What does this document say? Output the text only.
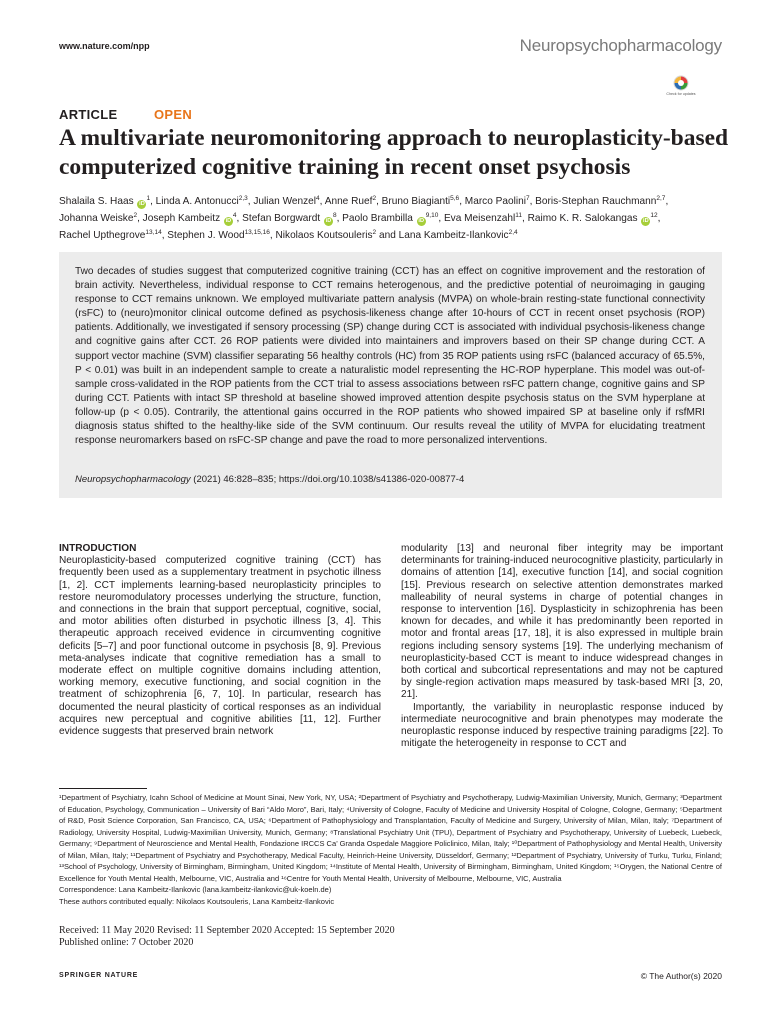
www.nature.com/npp	Neuropsychopharmacology
Check for updates
ARTICLE	OPEN
A multivariate neuromonitoring approach to neuroplasticity-based computerized cognitive training in recent onset psychosis
Shalaila S. Haas $iD^1$, Linda A. Antonucci$^{2,3}$, Julian Wenzel$^4$, Anne Ruef$^2$, Bruno Biagianti$^{5,6}$, Marco Paolini$^7$, Boris-Stephan Rauchmann$^{2,7}$,
Johanna Weiske$^2$, Joseph Kambeitz $iD^4$, Stefan Borgwardt $iD^8$, Paolo Brambilla iD$^{9,10}$, Eva Meisenzahl$^{11}$, Raimo K. R. Salokangas $iD^{12}$,
Rachel Upthegrove$^{13,14}$, Stephen J. Wood$^{13,15,16}$, Nikolaos Koutsouleris$^2$ and Lana Kambeitz-Ilankovic$^{2,4}$

Two decades of studies suggest that computerized cognitive training (CCT) has an effect on cognitive improvement and the restoration of brain activity. Nevertheless, individual response to CCT remains heterogenous, and the predictive potential of neuroimaging in gauging response to CCT remains unknown. We employed multivariate pattern analysis (MVPA) on whole-brain resting-state functional connectivity (rsFC) to (neuro)monitor clinical outcome defined as psychosis-likeness change after 10-hours of CCT in recent onset psychosis (ROP) patients. Additionally, we investigated if sensory processing (SP) change during CCT is associated with individual psychosis-likeness change and cognitive gains after CCT. 26 ROP patients were divided into maintainers and improvers based on their SP change during CCT. A support vector machine (SVM) classifier separating 56 healthy controls (HC) from 35 ROP patients using rsFC (balanced accuracy of 65.5%, P < 0.01) was built in an independent sample to create a naturalistic model representing the HC-ROP hyperplane. This model was out-of-sample cross-validated in the ROP patients from the CCT trial to assess associations between rsFC pattern change, cognitive gains and SP during CCT. Patients with intact SP threshold at baseline showed improved attention despite psychosis status on the SVM hyperplane at follow-up (p < 0.05). Contrarily, the attentional gains occurred in the ROP patients who showed impaired SP at baseline only if rsfMRI diagnosis status shifted to the healthy-like side of the SVM continuum. Our results reveal the utility of MVPA for elucidating treatment response neuromarkers based on rsFC-SP change and pave the road to more personalized interventions.

Neuropsychopharmacology (2021) 46:828–835; https://doi.org/10.1038/s41386-020-00877-4

INTRODUCTION

Neuroplasticity-based computerized cognitive training (CCT) has frequently been used as a supplementary treatment in psychotic illness [1, 2]. CCT implements learning-based neuroplasticity principles to restore neuromodulatory processes underlying the structure, function, and connections in the brain that support perceptual, cognitive, social, and motor abilities often disturbed in psychotic illness [3, 4]. This therapeutic approach received evidence in circumventing cognitive deficits [5–7] and poor functional outcome in psychosis [8, 9]. Previous meta-analyses indicate that cognitive remediation has a small to moderate effect on multiple cognitive domains including attention, working memory, executive functioning, and social cognition in the treatment of schizophrenia [6, 7, 10]. In particular, research has documented the neural plasticity of cortical responses as an individual acquires new perceptual and cognitive abilities [11, 12]. Further evidence suggests that preserved brain network

modularity [13] and neuronal fiber integrity may be important determinants for training-induced neurocognitive plasticity, particularly in domains of attention [14], executive function [14], and social cognition [15]. Previous research on selective attention demonstrates marked malleability of neural systems in charge of potential changes in response to intervention [16]. Dysplasticity in schizophrenia has been known for decades, and while it has predominantly been reported in motor and frontal areas [17, 18], it is also expressed in multiple brain regions including sensory systems [19]. The underlying mechanism of neuroplasticity-based CCT is meant to induce widespread changes in both cortical and subcortical representations and may not be captured by single-region activation maps measured by task-based MRI [3, 20, 21].

Importantly, the variability in neuroplastic response induced by intermediate neurocognitive and brain phenotypes may moderate the neuroplastic response induced by respective training paradigms [22]. To mitigate the heterogeneity in response to CCT and

¹Department of Psychiatry, Icahn School of Medicine at Mount Sinai, New York, NY, USA; ²Department of Psychiatry and Psychotherapy, Ludwig-Maximilian University, Munich, Germany; ³Department of Education, Psychology, Communication – University of Bari “Aldo Moro”, Bari, Italy; ⁴University of Cologne, Faculty of Medicine and University Hospital of Cologne, Cologne, Germany; ⁵Department of R&D, Posit Science Corporation, San Francisco, CA, USA; ⁶Department of Pathophysiology and Transplantation, Faculty of Medicine and Surgery, University of Milan, Milan, Italy; ⁷Department of Radiology, University Hospital, Ludwig-Maximilian University, Munich, Germany; ⁸Translational Psychiatry Unit (TPU), Department of Psychiatry and Psychotherapy, University of Luebeck, Luebeck, Germany; ⁹Department of Neuroscience and Mental Health, Fondazione IRCCS Ca’ Granda Ospedale Maggiore Policlinico, Milan, Italy; ¹⁰Department of Pathophysiology and Mental Health, University of Milan, Milan, Italy; ¹¹Department of Psychiatry and Psychotherapy, Medical Faculty, Heinrich-Heine University, Düsseldorf, Germany; ¹²Department of Psychiatry, University of Turku, Turku, Finland; ¹³School of Psychology, University of Birmingham, Birmingham, United Kingdom; ¹⁴Institute of Mental Health, University of Birmingham, Birmingham, United Kingdom; ¹⁵Orygen, the National Centre of Excellence for Youth Mental Health, Melbourne, VIC, Australia and ¹⁶Centre for Youth Mental Health, University of Melbourne, Melbourne, VIC, Australia
Correspondence: Lana Kambeitz-Ilankovic (lana.kambeitz-ilankovic@uk-koeln.de)
These authors contributed equally: Nikolaos Koutsouleris, Lana Kambeitz-Ilankovic
Received: 11 May 2020 Revised: 11 September 2020 Accepted: 15 September 2020
Published online: 7 October 2020
SPRINGER NATURE	© The Author(s) 2020
